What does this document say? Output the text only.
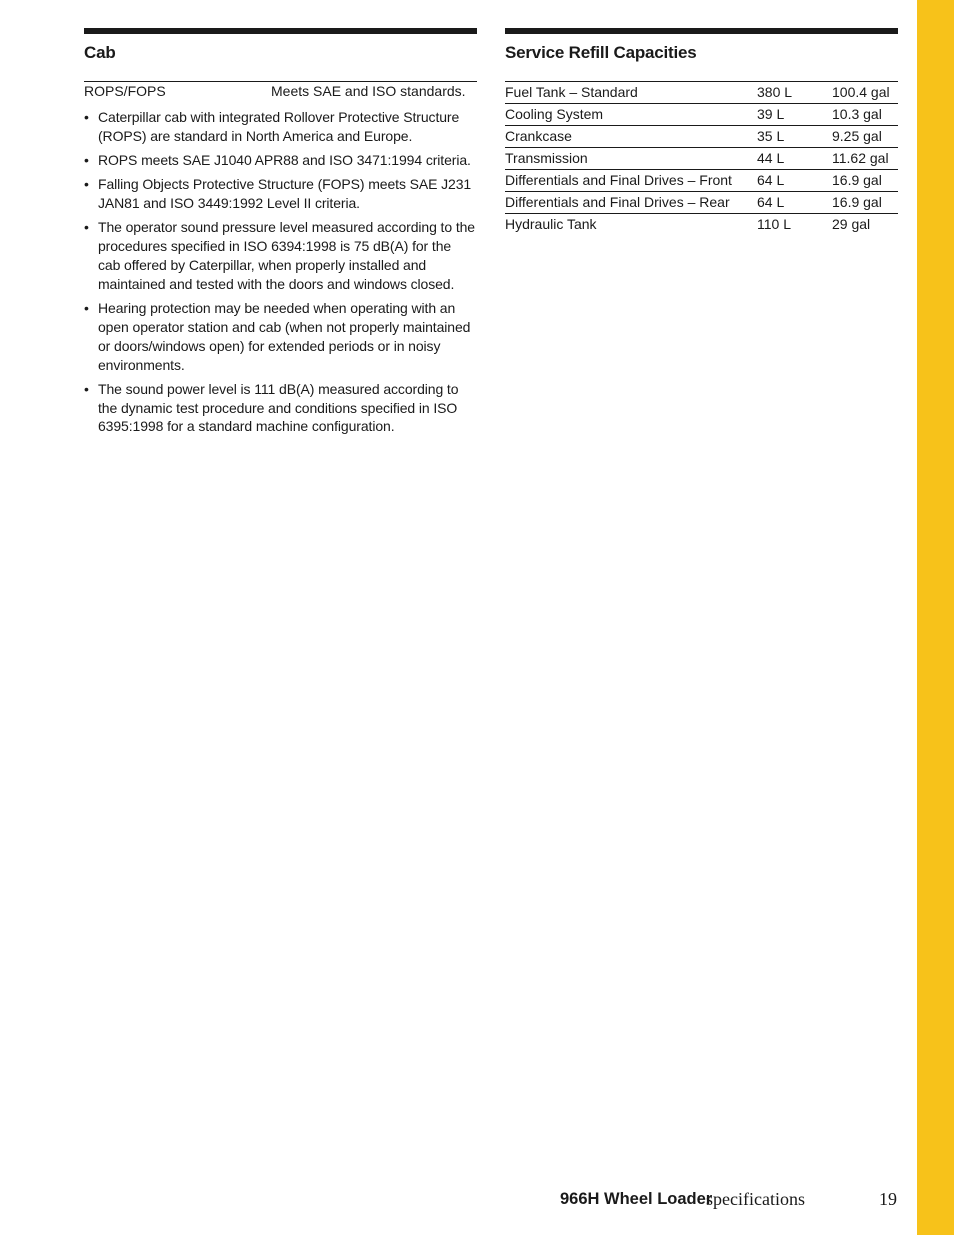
Cab
ROPS/FOPS	Meets SAE and ISO standards.
• Caterpillar cab with integrated Rollover Protective Structure (ROPS) are standard in North America and Europe.
• ROPS meets SAE J1040 APR88 and ISO 3471:1994 criteria.
• Falling Objects Protective Structure (FOPS) meets SAE J231 JAN81 and ISO 3449:1992 Level II criteria.
• The operator sound pressure level measured according to the procedures specified in ISO 6394:1998 is 75 dB(A) for the cab offered by Caterpillar, when properly installed and maintained and tested with the doors and windows closed.
• Hearing protection may be needed when operating with an open operator station and cab (when not properly maintained or doors/windows open) for extended periods or in noisy environments.
• The sound power level is 111 dB(A) measured according to the dynamic test procedure and conditions specified in ISO 6395:1998 for a standard machine configuration.
Service Refill Capacities
Fuel Tank – Standard	380 L	100.4 gal
Cooling System	39 L	10.3 gal
Crankcase	35 L	9.25 gal
Transmission	44 L	11.62 gal
Differentials and Final Drives – Front	64 L	16.9 gal
Differentials and Final Drives – Rear	64 L	16.9 gal
Hydraulic Tank	110 L	29 gal
966H Wheel Loader
specifications	19
